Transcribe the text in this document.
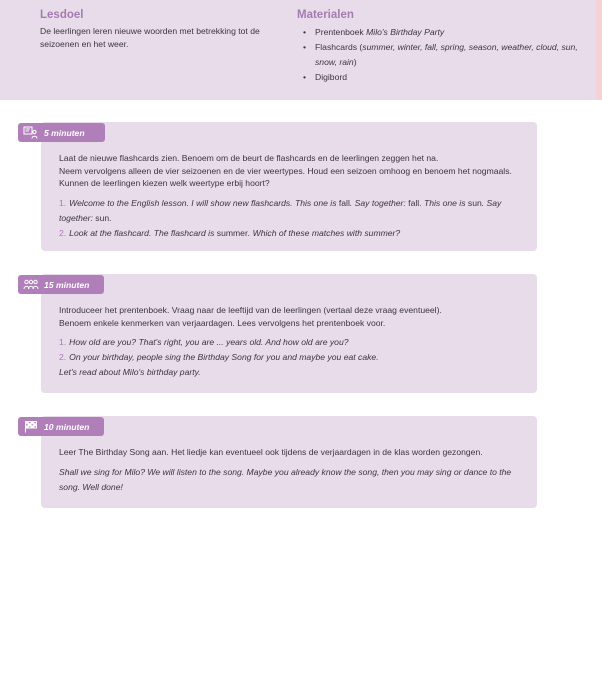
Lesdoel
De leerlingen leren nieuwe woorden met betrekking tot de seizoenen en het weer.
Materialen
• Prentenboek Milo's Birthday Party
• Flashcards (summer, winter, fall, spring, season, weather, cloud, sun, snow, rain)
• Digibord
5 minuten
Laat de nieuwe flashcards zien. Benoem om de beurt de flashcards en de leerlingen zeggen het na.
Neem vervolgens alleen de vier seizoenen en de vier weertypes. Houd een seizoen omhoog en benoem het nogmaals. Kunnen de leerlingen kiezen welk weertype erbij hoort?
1. Welcome to the English lesson. I will show new flashcards. This one is fall. Say together: fall. This one is sun. Say together: sun.
2. Look at the flashcard. The flashcard is summer. Which of these matches with summer?
15 minuten
Introduceer het prentenboek. Vraag naar de leeftijd van de leerlingen (vertaal deze vraag eventueel).
Benoem enkele kenmerken van verjaardagen. Lees vervolgens het prentenboek voor.
1. How old are you? That's right, you are ... years old. And how old are you?
2. On your birthday, people sing the Birthday Song for you and maybe you eat cake.
Let's read about Milo's birthday party.
10 minuten
Leer The Birthday Song aan. Het liedje kan eventueel ook tijdens de verjaardagen in de klas worden gezongen.
Shall we sing for Milo? We will listen to the song. Maybe you already know the song, then you may sing or dance to the song. Well done!
